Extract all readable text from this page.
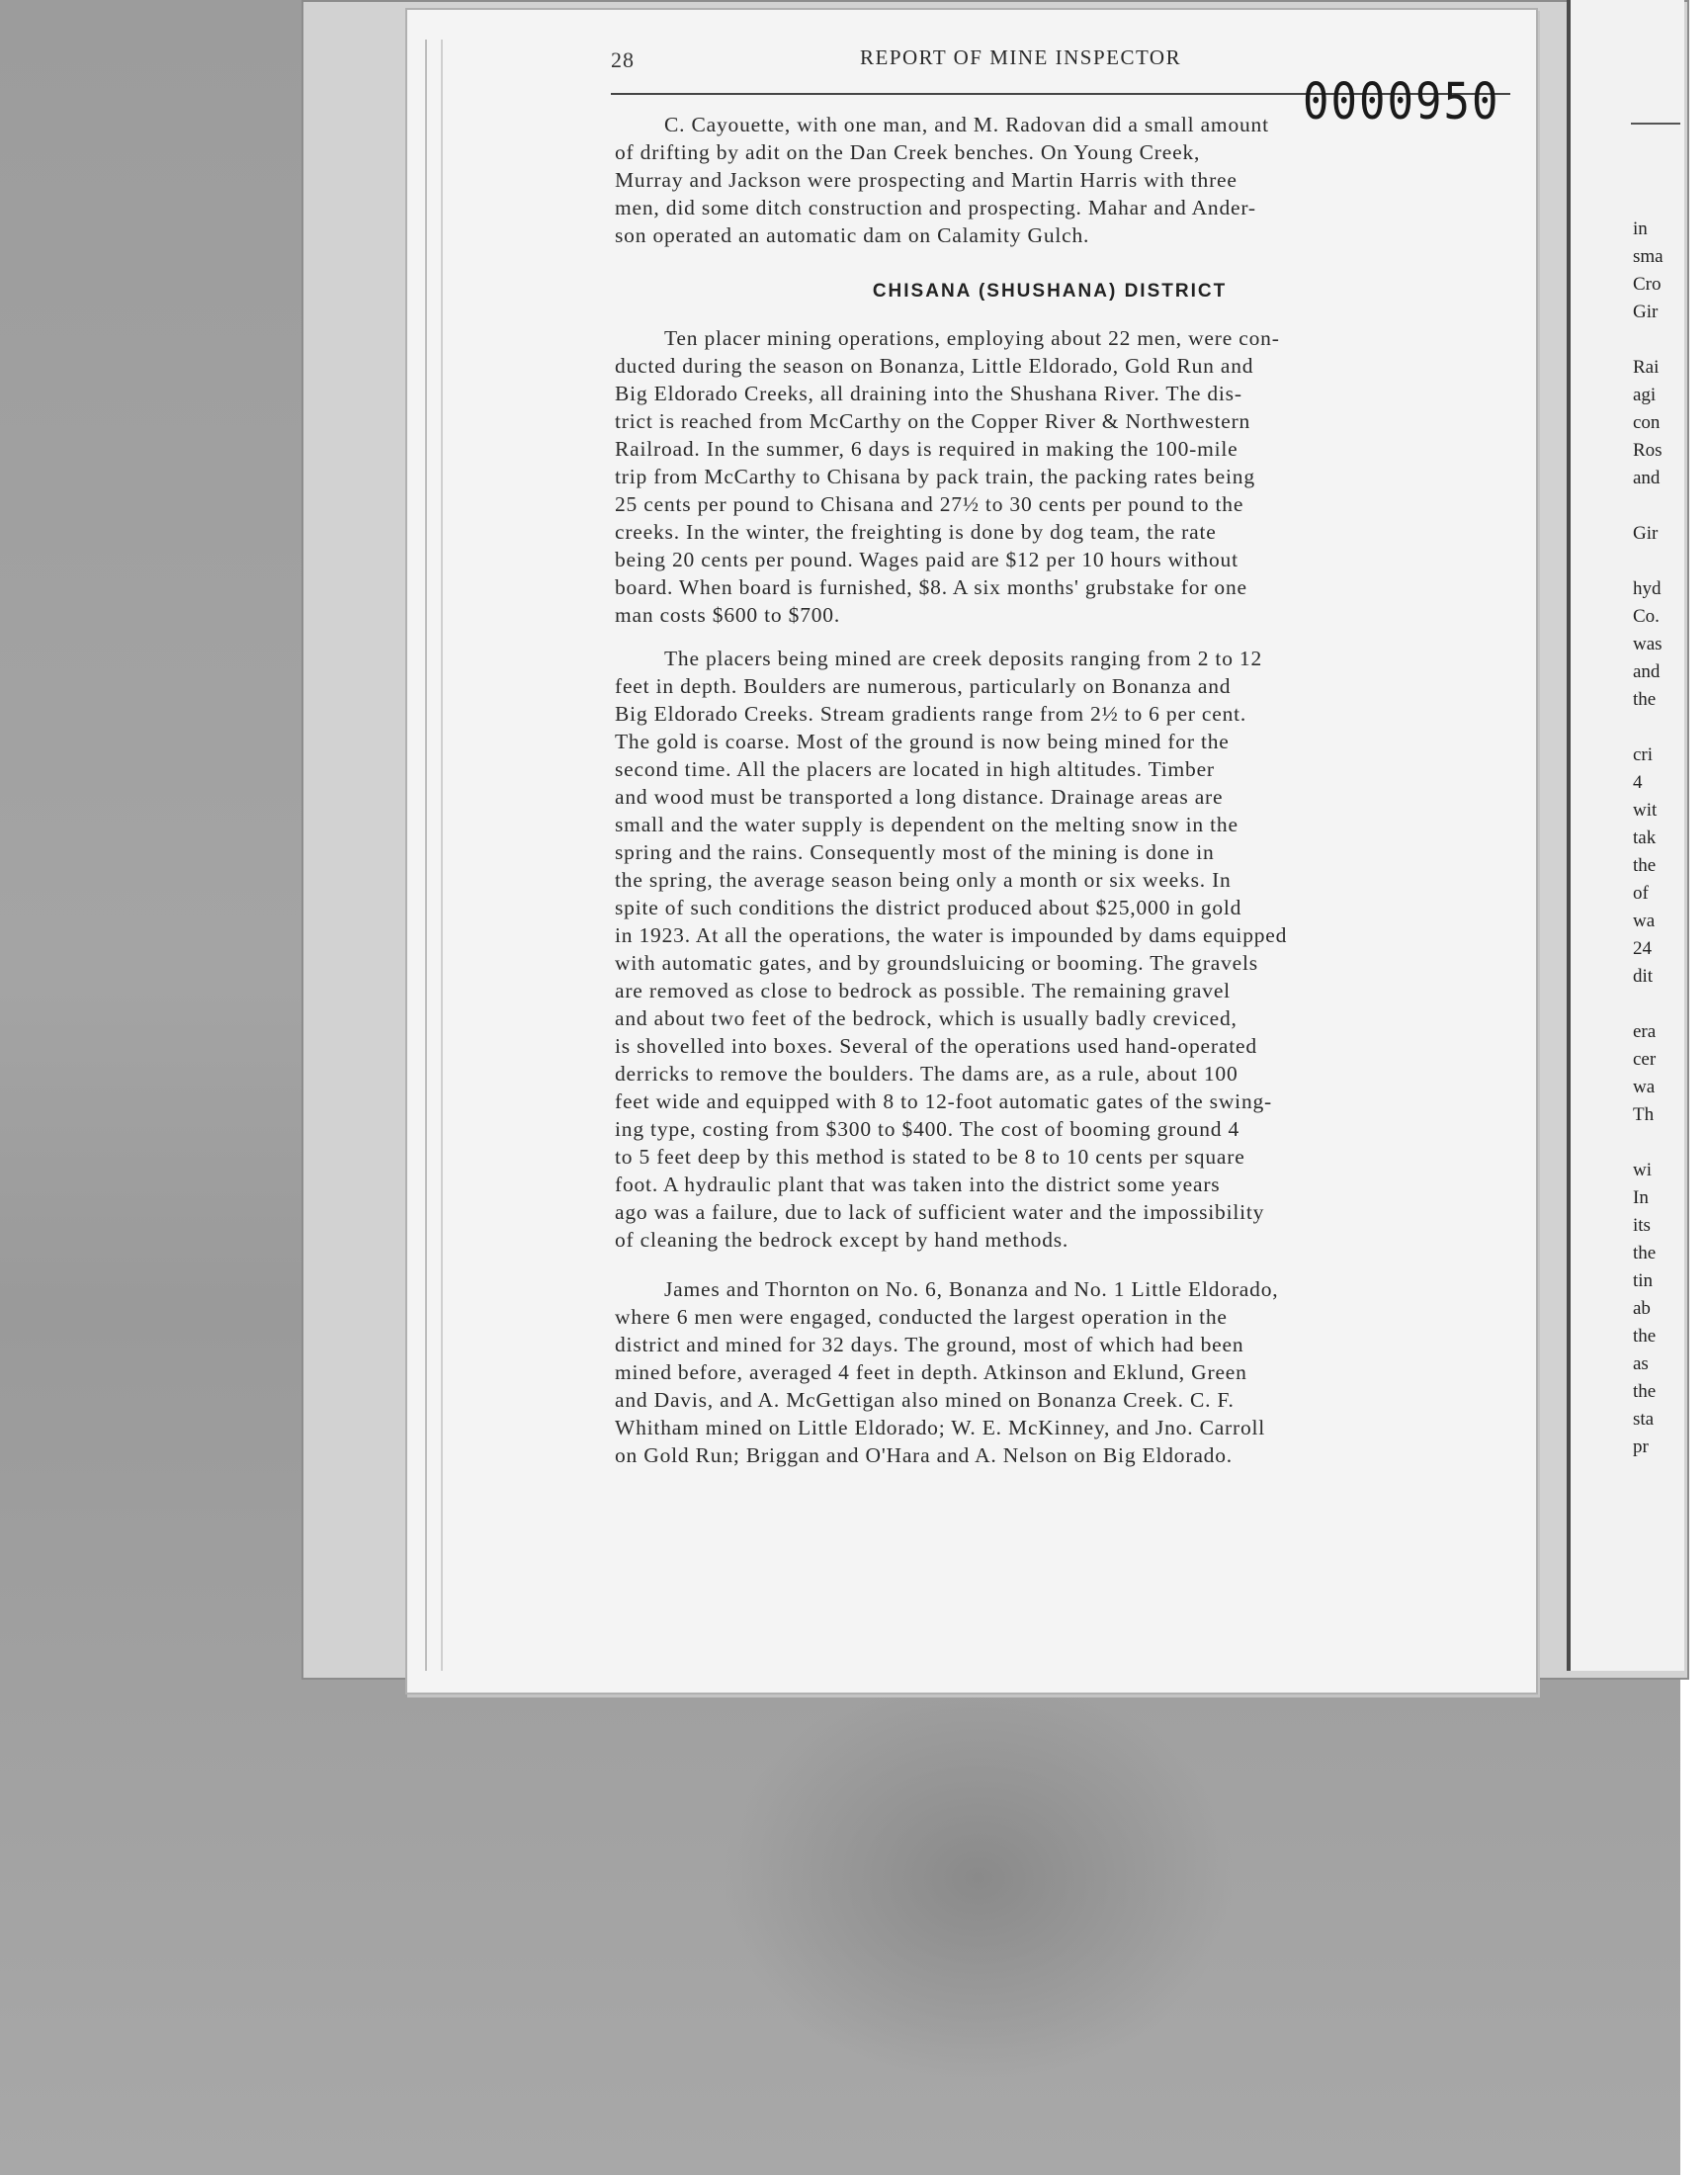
in
sma
Cro
Gir
Rai
agi
con
Ros
and
Gir
hyd
Co.
was
and
the
cri
4
wit
tak
the
of
wa
24
dit
era
cer
wa
Th
wi
In
its
the
tin
ab
the
as
the
sta
pr
28	REPORT OF MINE INSPECTOR
0000950
C. Cayouette, with one man, and M. Radovan did a small amount
of drifting by adit on the Dan Creek benches. On Young Creek,
Murray and Jackson were prospecting and Martin Harris with three
men, did some ditch construction and prospecting. Mahar and Ander-
son operated an automatic dam on Calamity Gulch.
CHISANA (SHUSHANA) DISTRICT
Ten placer mining operations, employing about 22 men, were con-
ducted during the season on Bonanza, Little Eldorado, Gold Run and
Big Eldorado Creeks, all draining into the Shushana River. The dis-
trict is reached from McCarthy on the Copper River & Northwestern
Railroad. In the summer, 6 days is required in making the 100-mile
trip from McCarthy to Chisana by pack train, the packing rates being
25 cents per pound to Chisana and 27½ to 30 cents per pound to the
creeks. In the winter, the freighting is done by dog team, the rate
being 20 cents per pound. Wages paid are $12 per 10 hours without
board. When board is furnished, $8. A six months' grubstake for one
man costs $600 to $700.
The placers being mined are creek deposits ranging from 2 to 12
feet in depth. Boulders are numerous, particularly on Bonanza and
Big Eldorado Creeks. Stream gradients range from 2½ to 6 per cent.
The gold is coarse. Most of the ground is now being mined for the
second time. All the placers are located in high altitudes. Timber
and wood must be transported a long distance. Drainage areas are
small and the water supply is dependent on the melting snow in the
spring and the rains. Consequently most of the mining is done in
the spring, the average season being only a month or six weeks. In
spite of such conditions the district produced about $25,000 in gold
in 1923. At all the operations, the water is impounded by dams equipped
with automatic gates, and by groundsluicing or booming. The gravels
are removed as close to bedrock as possible. The remaining gravel
and about two feet of the bedrock, which is usually badly creviced,
is shovelled into boxes. Several of the operations used hand-operated
derricks to remove the boulders. The dams are, as a rule, about 100
feet wide and equipped with 8 to 12-foot automatic gates of the swing-
ing type, costing from $300 to $400. The cost of booming ground 4
to 5 feet deep by this method is stated to be 8 to 10 cents per square
foot. A hydraulic plant that was taken into the district some years
ago was a failure, due to lack of sufficient water and the impossibility
of cleaning the bedrock except by hand methods.
James and Thornton on No. 6, Bonanza and No. 1 Little Eldorado,
where 6 men were engaged, conducted the largest operation in the
district and mined for 32 days. The ground, most of which had been
mined before, averaged 4 feet in depth. Atkinson and Eklund, Green
and Davis, and A. McGettigan also mined on Bonanza Creek. C. F.
Whitham mined on Little Eldorado; W. E. McKinney, and Jno. Carroll
on Gold Run; Briggan and O'Hara and A. Nelson on Big Eldorado.
